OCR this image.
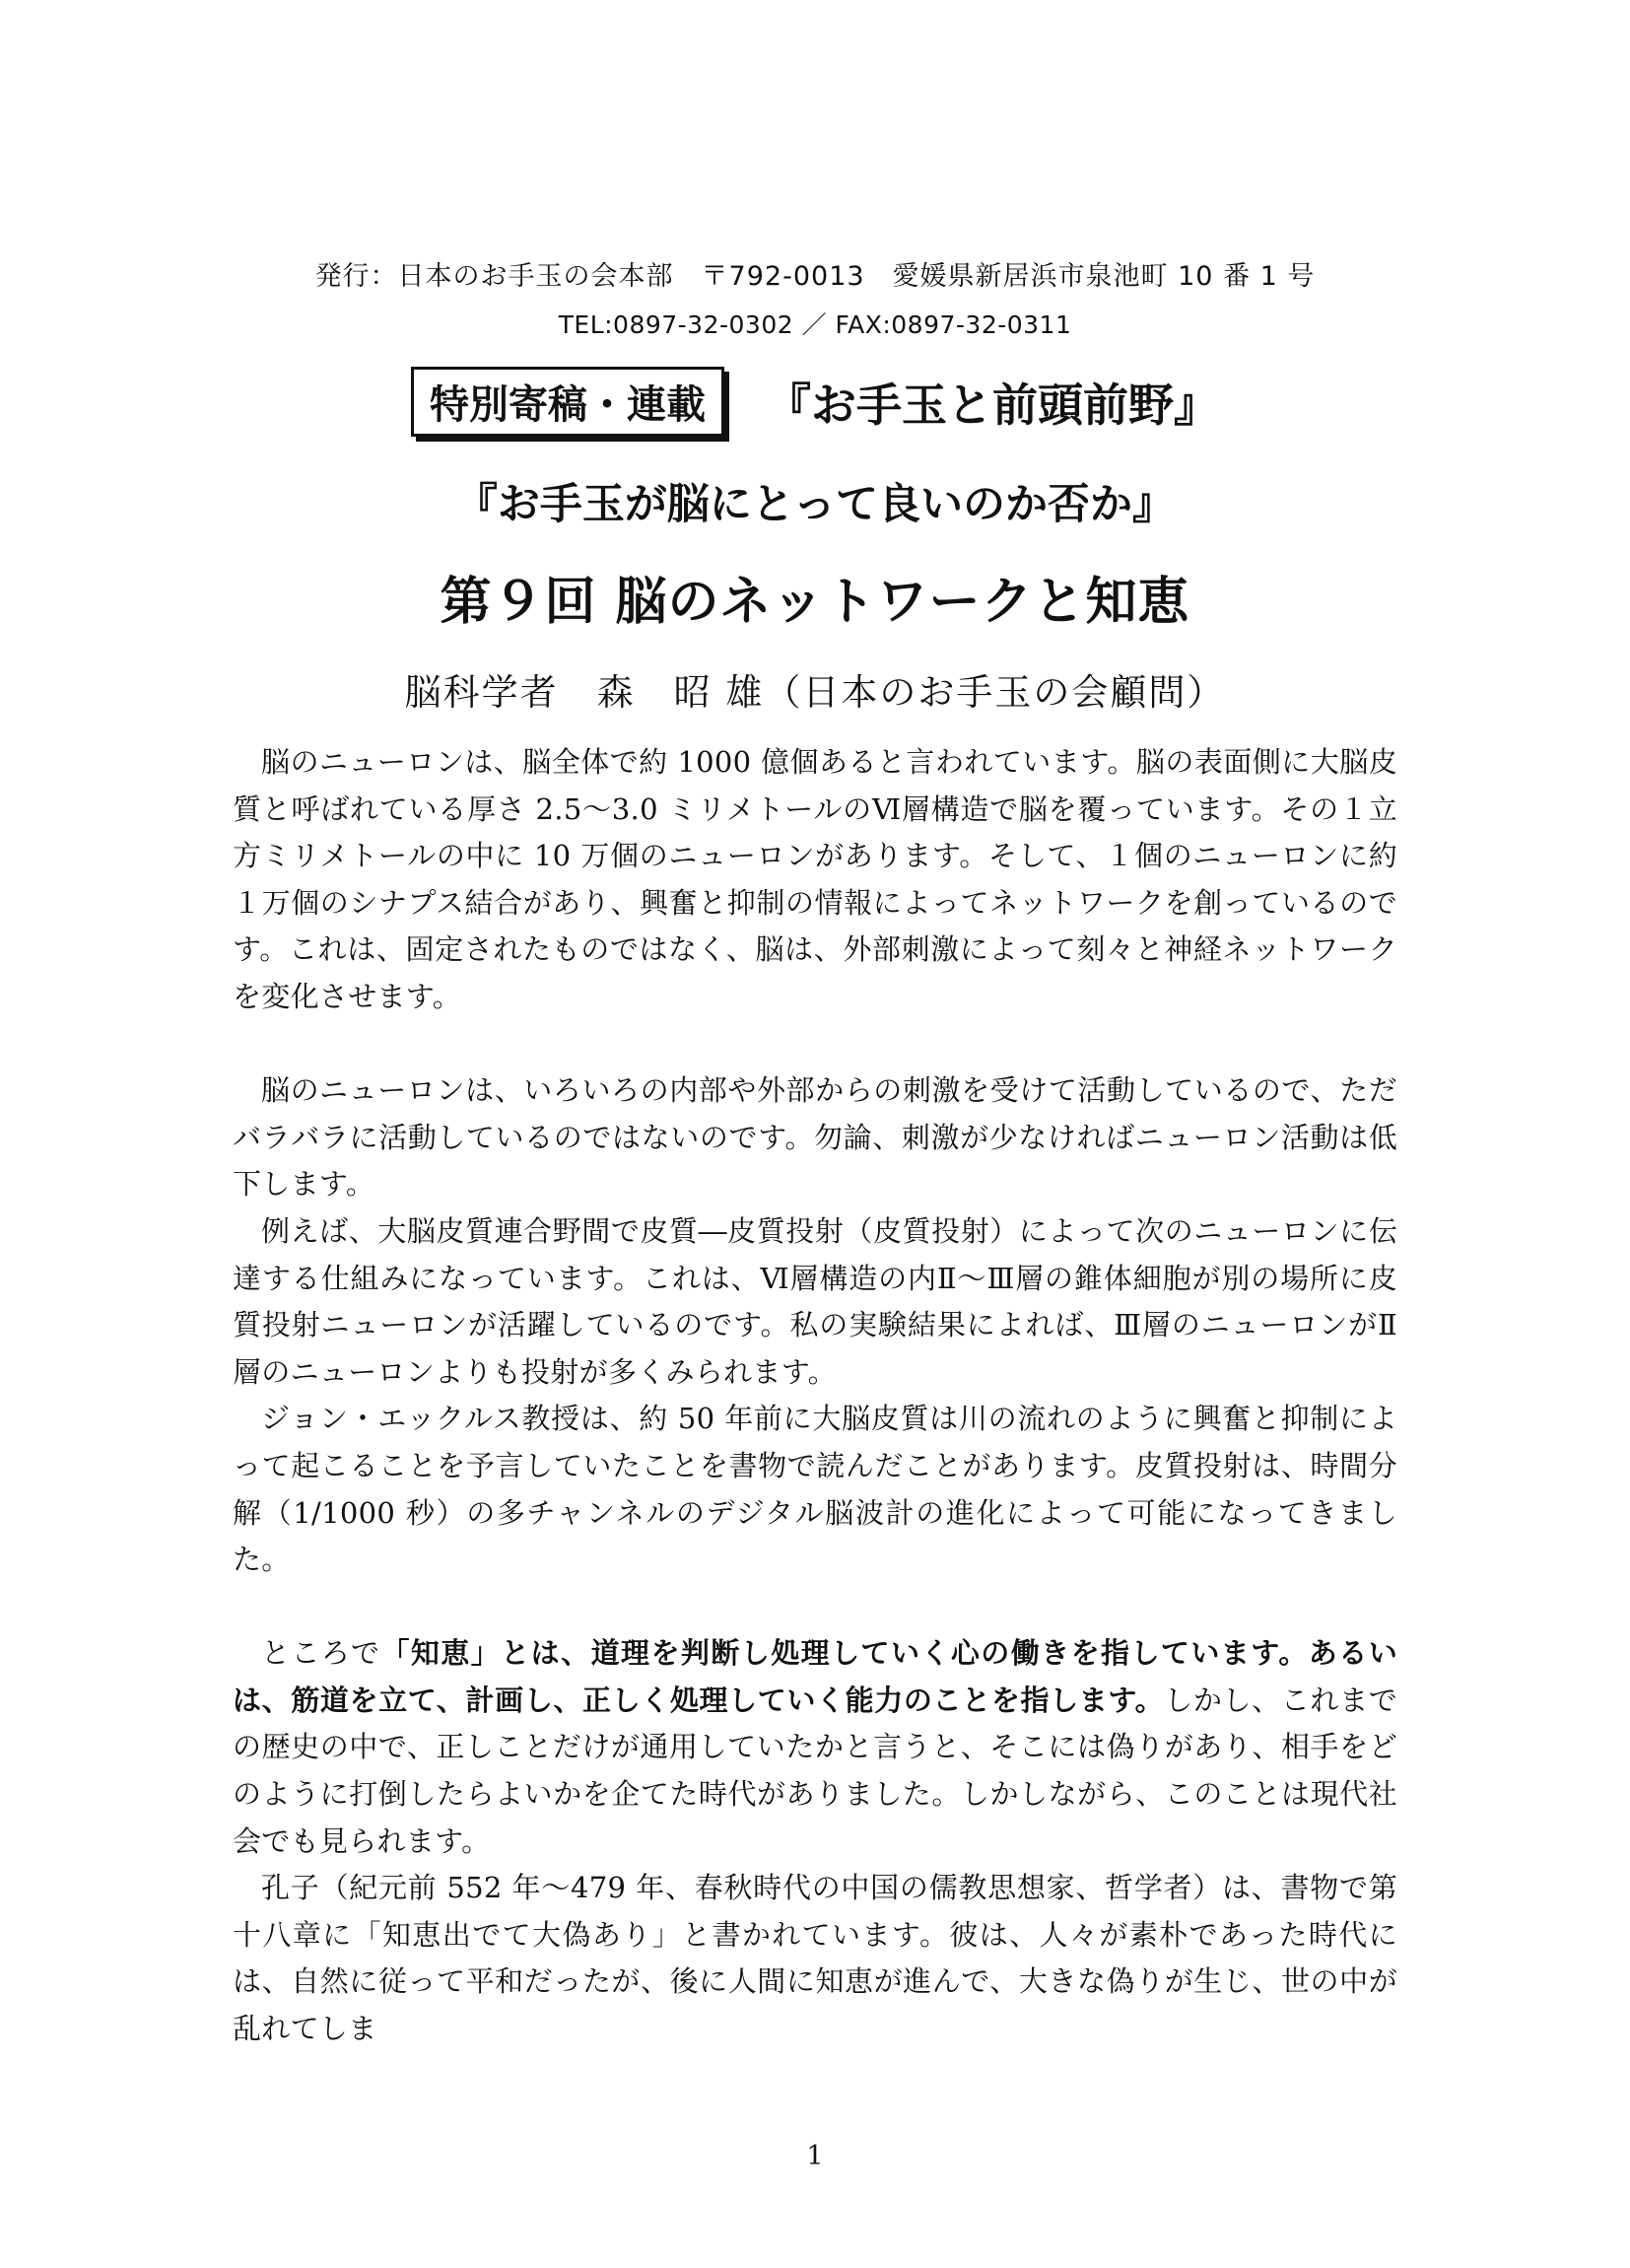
発行：日本のお手玉の会本部　〒792-0013　愛媛県新居浜市泉池町 10 番 1 号
TEL:0897-32-0302 ／ FAX:0897-32-0311
特別寄稿・連載	『お手玉と前頭前野』
『お手玉が脳にとって良いのか否か』
第９回 脳のネットワークと知恵
脳科学者　森　昭 雄（日本のお手玉の会顧問）

脳のニューロンは、脳全体で約 1000 億個あると言われています。脳の表面側に大脳皮質と呼ばれている厚さ 2.5～3.0 ミリメトールのⅥ層構造で脳を覆っています。その１立方ミリメトールの中に 10 万個のニューロンがあります。そして、１個のニューロンに約１万個のシナプス結合があり、興奮と抑制の情報によってネットワークを創っているのです。これは、固定されたものではなく、脳は、外部刺激によって刻々と神経ネットワークを変化させます。

脳のニューロンは、いろいろの内部や外部からの刺激を受けて活動しているので、ただバラバラに活動しているのではないのです。勿論、刺激が少なければニューロン活動は低下します。

例えば、大脳皮質連合野間で皮質―皮質投射（皮質投射）によって次のニューロンに伝達する仕組みになっています。これは、Ⅵ層構造の内Ⅱ～Ⅲ層の錐体細胞が別の場所に皮質投射ニューロンが活躍しているのです。私の実験結果によれば、Ⅲ層のニューロンがⅡ層のニューロンよりも投射が多くみられます。

ジョン・エックルス教授は、約 50 年前に大脳皮質は川の流れのように興奮と抑制によって起こることを予言していたことを書物で読んだことがあります。皮質投射は、時間分解（1/1000 秒）の多チャンネルのデジタル脳波計の進化によって可能になってきました。

ところで「知恵」とは、道理を判断し処理していく心の働きを指しています。あるいは、筋道を立て、計画し、正しく処理していく能力のことを指します。しかし、これまでの歴史の中で、正しことだけが通用していたかと言うと、そこには偽りがあり、相手をどのように打倒したらよいかを企てた時代がありました。しかしながら、このことは現代社会でも見られます。

孔子（紀元前 552 年～479 年、春秋時代の中国の儒教思想家、哲学者）は、書物で第十八章に「知恵出でて大偽あり」と書かれています。彼は、人々が素朴であった時代には、自然に従って平和だったが、後に人間に知恵が進んで、大きな偽りが生じ、世の中が乱れてしま

1
